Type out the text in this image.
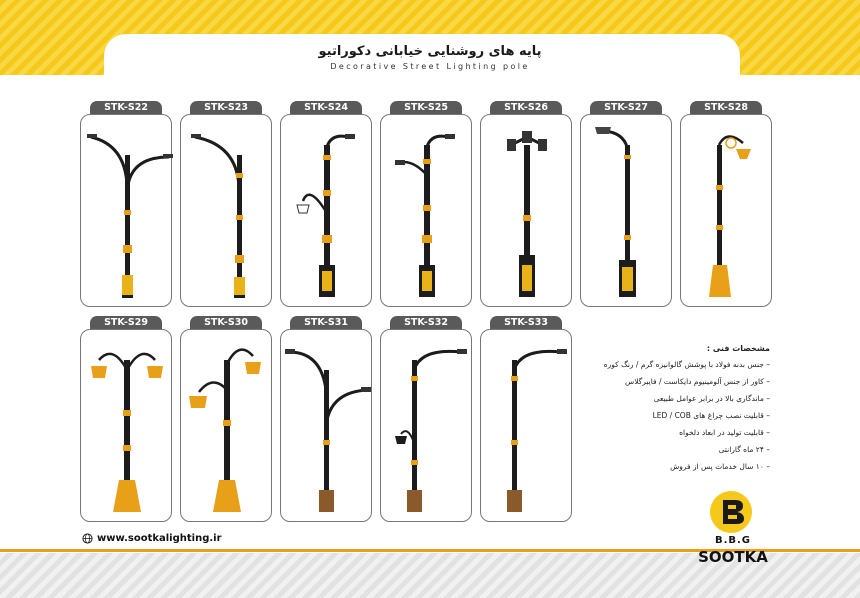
پایه های روشنایی خیابانی دکوراتیو
Decorative Street Lighting pole
STK-S22	STK-S23	STK-S24	STK-S25	STK-S26	STK-S27	STK-S28
STK-S29	STK-S30	STK-S31	STK-S32	STK-S33
مشخصات فنی :
– جنس بدنه فولاد با پوشش گالوانیزه گرم / رنگ کوره
– کاور از جنس آلومینیوم دایکاست / فایبرگلاس
– ماندگاری بالا در برابر عوامل طبیعی
– قابلیت نصب چراغ های LED / COB
– قابلیت تولید در ابعاد دلخواه
– ۲۴ ماه گارانتی
– ۱۰ سال خدمات پس از فروش
www.sootkalighting.ir	B.B.G
SOOTKA
